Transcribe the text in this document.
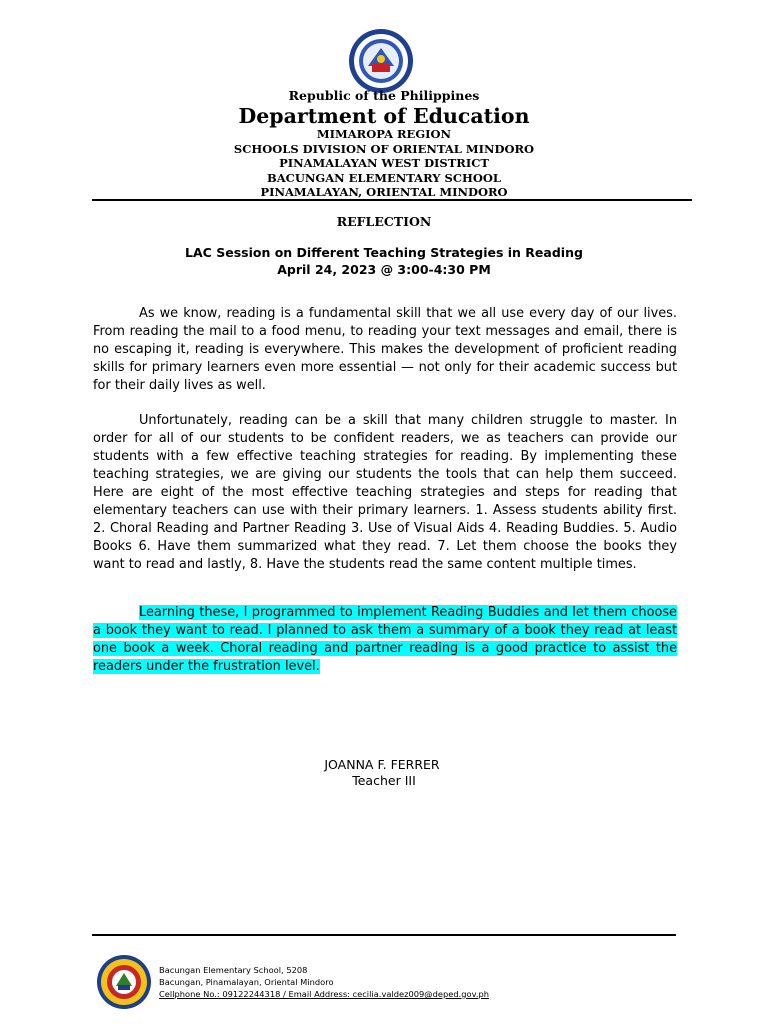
Republic of the Philippines
Department of Education
MIMAROPA REGION
SCHOOLS DIVISION OF ORIENTAL MINDORO
PINAMALAYAN WEST DISTRICT
BACUNGAN ELEMENTARY SCHOOL
PINAMALAYAN, ORIENTAL MINDORO
REFLECTION
LAC Session on Different Teaching Strategies in Reading
April 24, 2023 @ 3:00-4:30 PM

As we know, reading is a fundamental skill that we all use every day of our lives. From reading the mail to a food menu, to reading your text messages and email, there is no escaping it, reading is everywhere. This makes the development of proficient reading skills for primary learners even more essential — not only for their academic success but for their daily lives as well.

Unfortunately, reading can be a skill that many children struggle to master. In order for all of our students to be confident readers, we as teachers can provide our students with a few effective teaching strategies for reading. By implementing these teaching strategies, we are giving our students the tools that can help them succeed. Here are eight of the most effective teaching strategies and steps for reading that elementary teachers can use with their primary learners. 1. Assess students ability first. 2. Choral Reading and Partner Reading 3. Use of Visual Aids 4. Reading Buddies. 5. Audio Books 6. Have them summarized what they read. 7. Let them choose the books they want to read and lastly, 8. Have the students read the same content multiple times.

Learning these, I programmed to implement Reading Buddies and let them choose a book they want to read. I planned to ask them a summary of a book they read at least one book a week. Choral reading and partner reading is a good practice to assist the readers under the frustration level.

JOANNA F. FERRER
Teacher III
Bacungan Elementary School, 5208
Bacungan, Pinamalayan, Oriental Mindoro
Cellphone No.: 09122244318 / Email Address: cecilia.valdez009@deped.gov.ph
